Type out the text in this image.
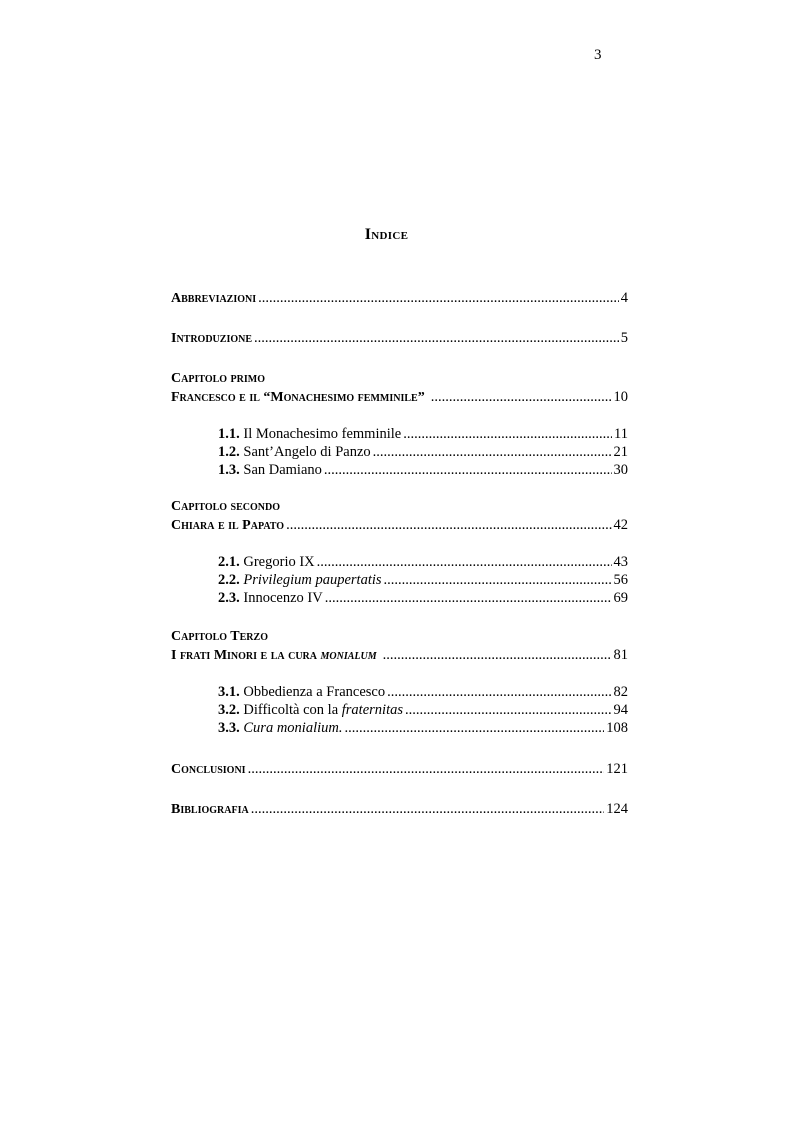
3
Indice
Abbreviazioni .....	4
Introduzione .....	5
Capitolo primo
Francesco e il “Monachesimo femminile” .....	10
1.1. Il Monachesimo femminile .....	11
1.2. Sant’Angelo di Panzo .....	21
1.3. San Damiano .....	30
Capitolo secondo
Chiara e il Papato .....	42
2.1. Gregorio IX .....	43
2.2. Privilegium paupertatis .....	56
2.3. Innocenzo IV .....	69
Capitolo Terzo
I frati Minori e la cura monialum .....	81
3.1. Obbedienza a Francesco .....	82
3.2. Difficoltà con la fraternitas .....	94
3.3. Cura monialium. .....	108
Conclusioni .....	121
Bibliografia .....	124
